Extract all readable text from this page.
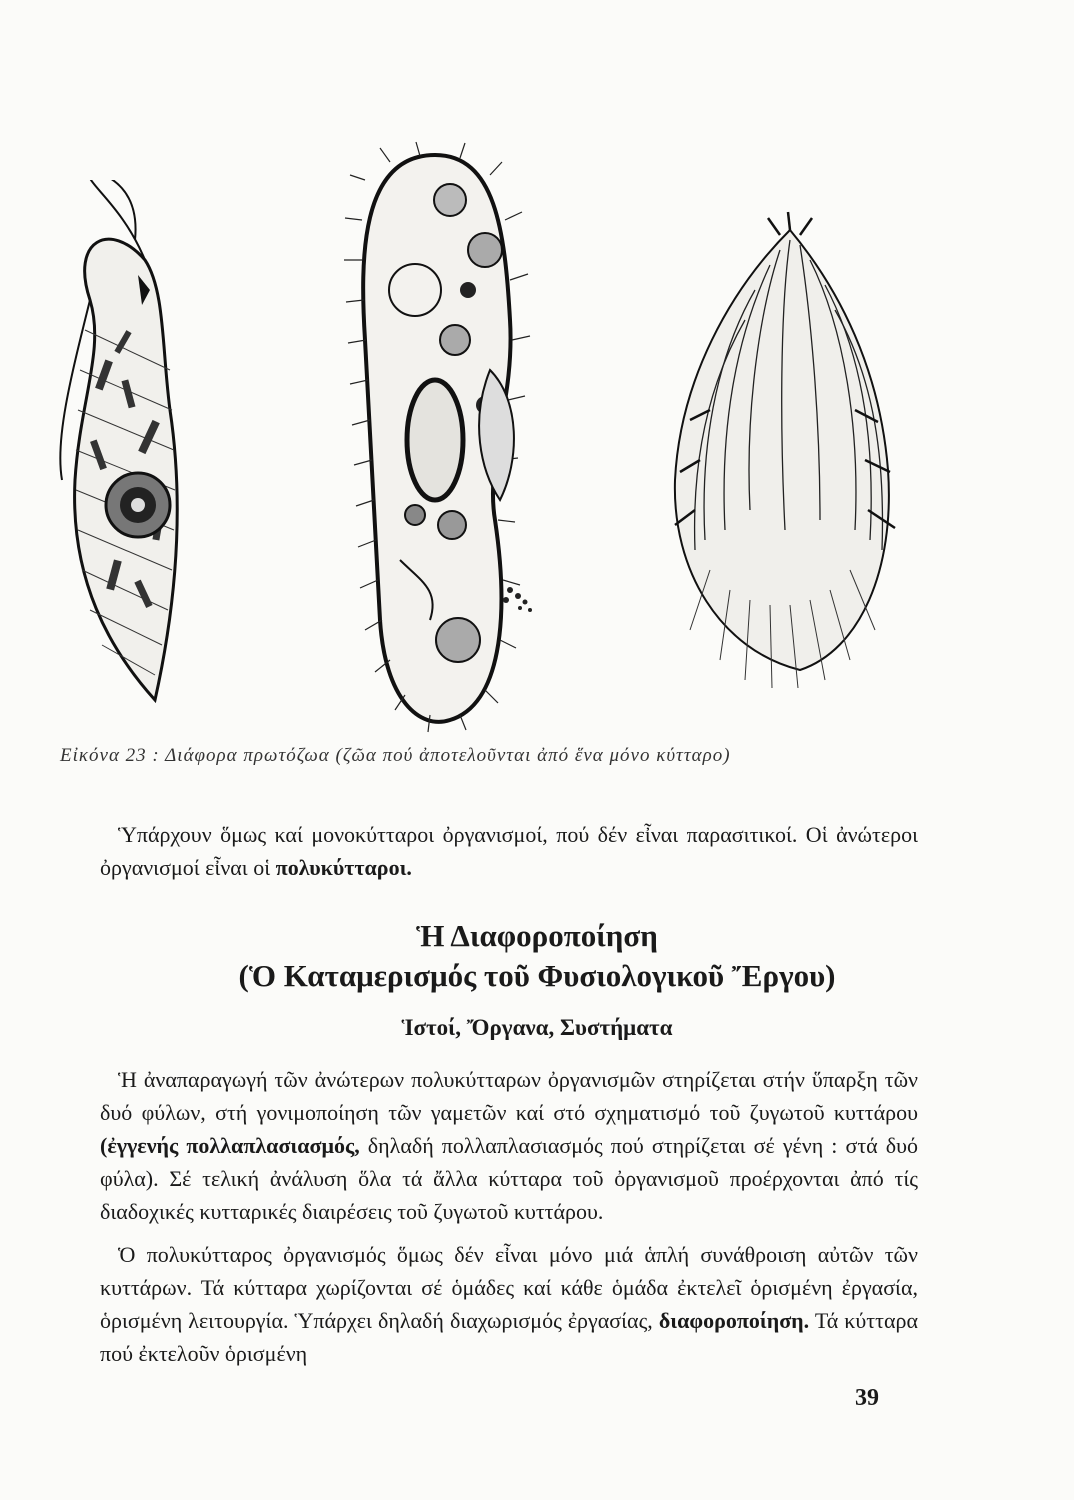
Εἰκόνα 23 : Διάφορα πρωτόζωα (ζῶα πού ἀποτελοῦνται ἀπό ἕνα μόνο κύτταρο)

Ὑπάρχουν ὅμως καί μονοκύτταροι ὀργανισμοί, πού δέν εἶναι παρασιτικοί. Οἱ ἀνώτεροι ὀργανισμοί εἶναι οἱ πολυκύτταροι.

Ἡ Διαφοροποίηση
(Ὁ Καταμερισμός τοῦ Φυσιολογικοῦ Ἔργου)
Ἱστοί, Ὄργανα, Συστήματα

Ἡ ἀναπαραγωγή τῶν ἀνώτερων πολυκύτταρων ὀργανισμῶν στηρίζεται στήν ὕπαρξη τῶν δυό φύλων, στή γονιμοποίηση τῶν γαμετῶν καί στό σχηματισμό τοῦ ζυγωτοῦ κυττάρου (ἐγγενής πολλαπλασιασμός, δηλαδή πολλαπλασιασμός πού στηρίζεται σέ γένη : στά δυό φύλα). Σέ τελική ἀνάλυση ὅλα τά ἄλλα κύτταρα τοῦ ὀργανισμοῦ προέρχονται ἀπό τίς διαδοχικές κυτταρικές διαιρέσεις τοῦ ζυγωτοῦ κυττάρου.

Ὁ πολυκύτταρος ὀργανισμός ὅμως δέν εἶναι μόνο μιά ἁπλή συνάθροιση αὐτῶν τῶν κυττάρων. Τά κύτταρα χωρίζονται σέ ὁμάδες καί κάθε ὁμάδα ἐκτελεῖ ὁρισμένη ἐργασία, ὁρισμένη λειτουργία. Ὑπάρχει δηλαδή διαχωρισμός ἐργασίας, διαφοροποίηση. Τά κύτταρα πού ἐκτελοῦν ὁρισμένη

39
